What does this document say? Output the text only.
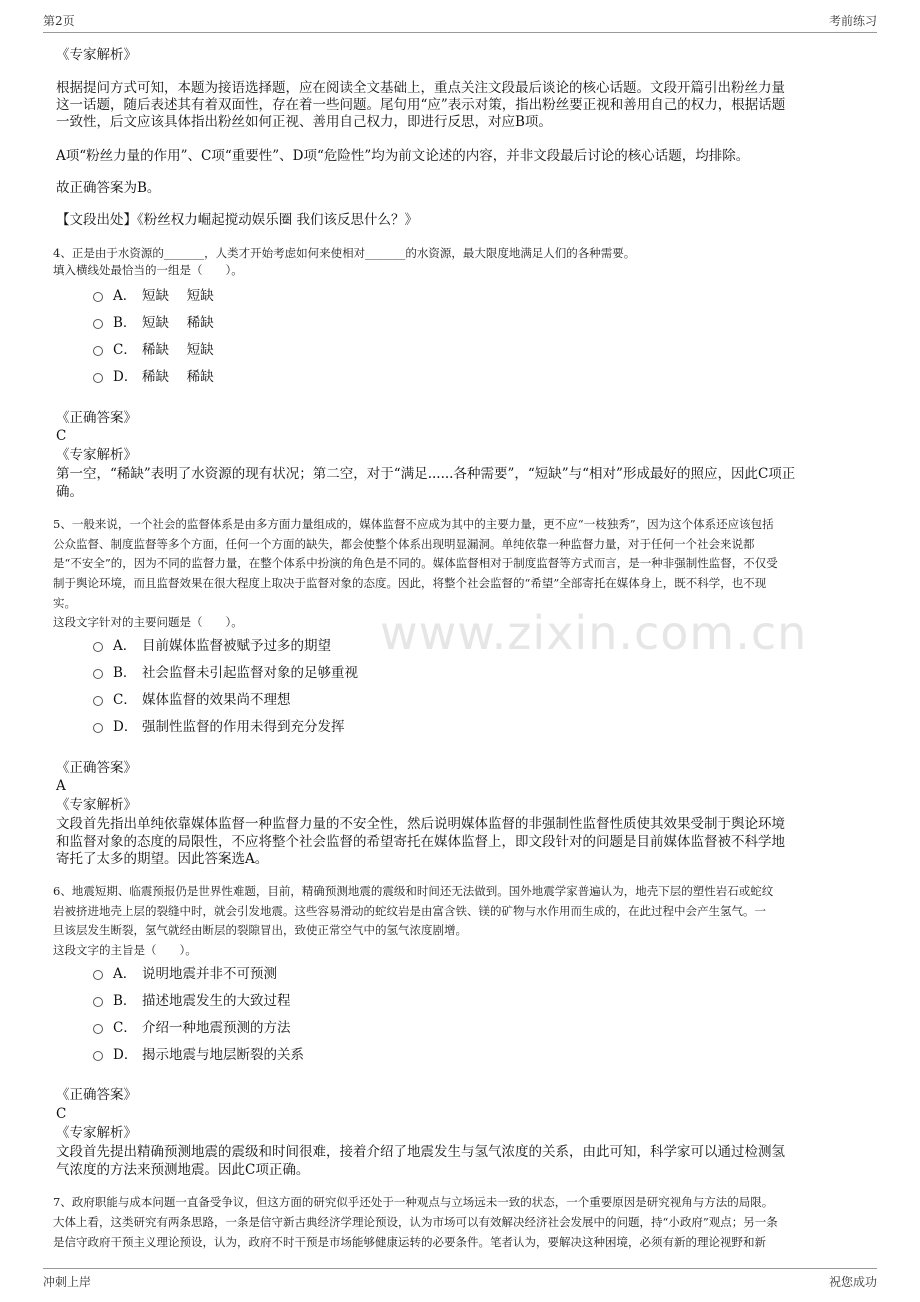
第2页	考前练习
www.zixin.com.cn
《专家解析》
根据提问方式可知，本题为接语选择题，应在阅读全文基础上，重点关注文段最后谈论的核心话题。文段开篇引出粉丝力量
这一话题，随后表述其有着双面性，存在着一些问题。尾句用“应”表示对策，指出粉丝要正视和善用自己的权力，根据话题
一致性，后文应该具体指出粉丝如何正视、善用自己权力，即进行反思，对应B项。
A项“粉丝力量的作用”、C项“重要性”、D项“危险性”均为前文论述的内容，并非文段最后讨论的核心话题，均排除。
故正确答案为B。
【文段出处】《粉丝权力崛起搅动娱乐圈 我们该反思什么？》
4、正是由于水资源的_______，人类才开始考虑如何来使相对_______的水资源，最大限度地满足人们的各种需要。
填入横线处最恰当的一组是（　　）。
A． 短缺　 短缺
B． 短缺　 稀缺
C． 稀缺　 短缺
D． 稀缺　 稀缺
《正确答案》
C
《专家解析》
第一空，“稀缺”表明了水资源的现有状况；第二空，对于“满足......各种需要”，“短缺”与“相对”形成最好的照应，因此C项正
确。
5、一般来说，一个社会的监督体系是由多方面力量组成的，媒体监督不应成为其中的主要力量，更不应“一枝独秀”，因为这个体系还应该包括
公众监督、制度监督等多个方面，任何一个方面的缺失，都会使整个体系出现明显漏洞。单纯依靠一种监督力量，对于任何一个社会来说都
是“不安全”的，因为不同的监督力量，在整个体系中扮演的角色是不同的。媒体监督相对于制度监督等方式而言，是一种非强制性监督，不仅受
制于舆论环境，而且监督效果在很大程度上取决于监督对象的态度。因此，将整个社会监督的“希望”全部寄托在媒体身上，既不科学，也不现
实。
这段文字针对的主要问题是（　　）。
A． 目前媒体监督被赋予过多的期望
B． 社会监督未引起监督对象的足够重视
C． 媒体监督的效果尚不理想
D． 强制性监督的作用未得到充分发挥
《正确答案》
A
《专家解析》
文段首先指出单纯依靠媒体监督一种监督力量的不安全性，然后说明媒体监督的非强制性监督性质使其效果受制于舆论环境
和监督对象的态度的局限性，不应将整个社会监督的希望寄托在媒体监督上，即文段针对的问题是目前媒体监督被不科学地
寄托了太多的期望。因此答案选A。
6、地震短期、临震预报仍是世界性难题，目前，精确预测地震的震级和时间还无法做到。国外地震学家普遍认为，地壳下层的塑性岩石或蛇纹
岩被挤进地壳上层的裂缝中时，就会引发地震。这些容易滑动的蛇纹岩是由富含铁、镁的矿物与水作用而生成的，在此过程中会产生氢气。一
旦该层发生断裂，氢气就经由断层的裂隙冒出，致使正常空气中的氢气浓度剧增。
这段文字的主旨是（　　）。
A． 说明地震并非不可预测
B． 描述地震发生的大致过程
C． 介绍一种地震预测的方法
D． 揭示地震与地层断裂的关系
《正确答案》
C
《专家解析》
文段首先提出精确预测地震的震级和时间很难，接着介绍了地震发生与氢气浓度的关系，由此可知，科学家可以通过检测氢
气浓度的方法来预测地震。因此C项正确。
7、政府职能与成本问题一直备受争议，但这方面的研究似乎还处于一种观点与立场远未一致的状态，一个重要原因是研究视角与方法的局限。
大体上看，这类研究有两条思路，一条是信守新古典经济学理论预设，认为市场可以有效解决经济社会发展中的问题，持“小政府”观点；另一条
是信守政府干预主义理论预设，认为，政府不时干预是市场能够健康运转的必要条件。笔者认为，要解决这种困境，必须有新的理论视野和新
冲刺上岸	祝您成功
